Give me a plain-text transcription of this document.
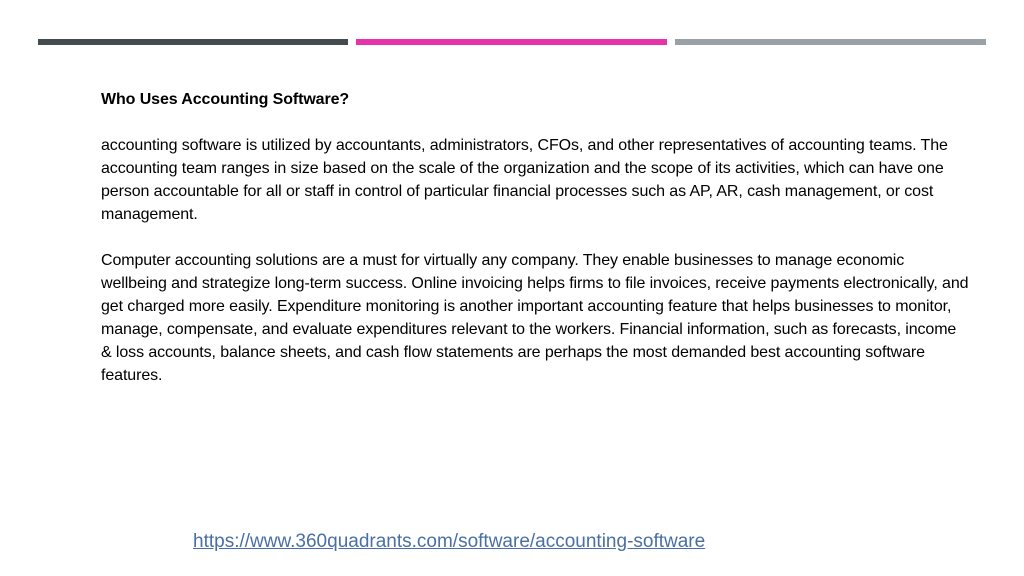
Who Uses Accounting Software?

accounting software is utilized by accountants, administrators, CFOs, and other representatives of accounting teams. The accounting team ranges in size based on the scale of the organization and the scope of its activities, which can have one person accountable for all or staff in control of particular financial processes such as AP, AR, cash management, or cost management.

Computer accounting solutions are a must for virtually any company. They enable businesses to manage economic wellbeing and strategize long-term success. Online invoicing helps firms to file invoices, receive payments electronically, and get charged more easily. Expenditure monitoring is another important accounting feature that helps businesses to monitor, manage, compensate, and evaluate expenditures relevant to the workers. Financial information, such as forecasts, income & loss accounts, balance sheets, and cash flow statements are perhaps the most demanded best accounting software features.

https://www.360quadrants.com/software/accounting-software
